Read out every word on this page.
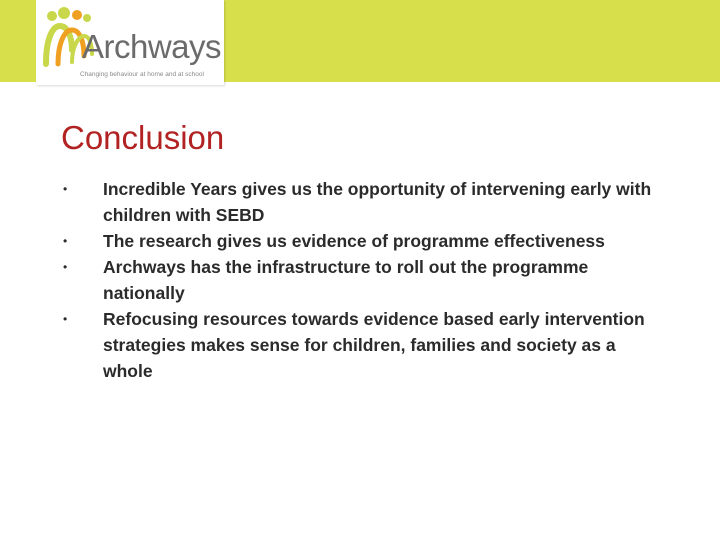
Archways
Changing behaviour at home and at school
Conclusion
• Incredible Years gives us the opportunity of intervening early with children with SEBD
• The research gives us evidence of programme effectiveness
• Archways has the infrastructure to roll out the programme nationally
• Refocusing resources towards evidence based early intervention strategies makes sense for children, families and society as a whole
